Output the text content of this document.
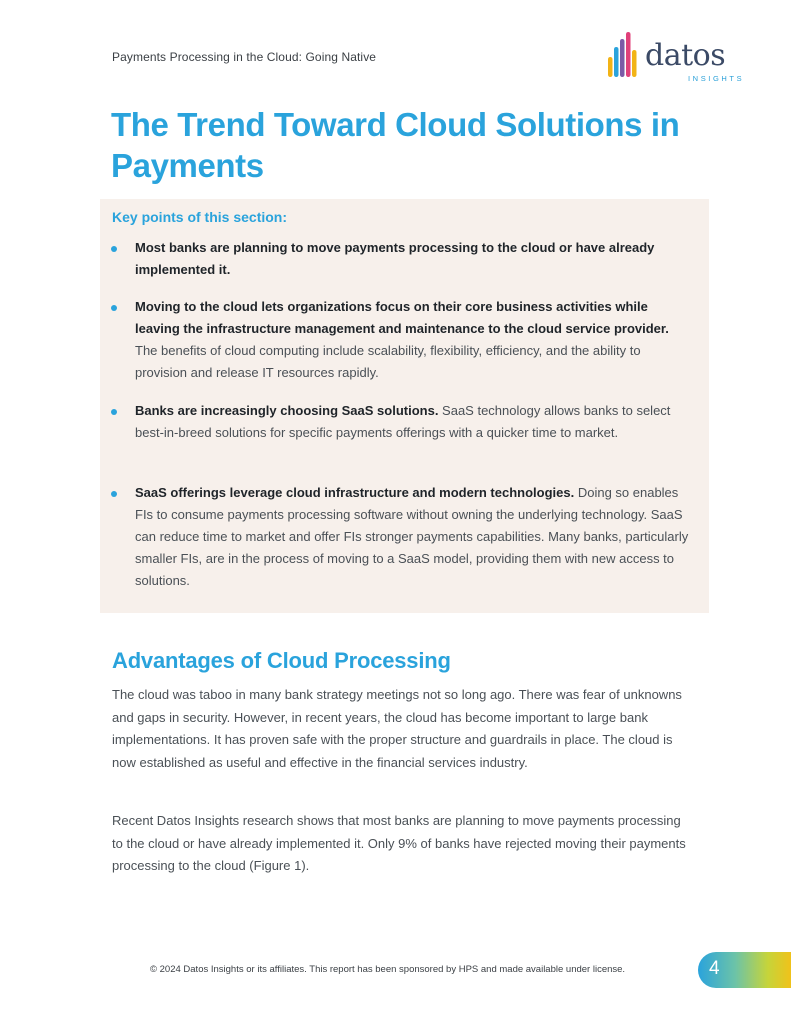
Payments Processing in the Cloud: Going Native	datos
INSIGHTS
The Trend Toward Cloud Solutions in Payments
Key points of this section:
Most banks are planning to move payments processing to the cloud or have already implemented it.
Moving to the cloud lets organizations focus on their core business activities while leaving the infrastructure management and maintenance to the cloud service provider. The benefits of cloud computing include scalability, flexibility, efficiency, and the ability to provision and release IT resources rapidly.
Banks are increasingly choosing SaaS solutions. SaaS technology allows banks to select best-in-breed solutions for specific payments offerings with a quicker time to market.
SaaS offerings leverage cloud infrastructure and modern technologies. Doing so enables FIs to consume payments processing software without owning the underlying technology. SaaS can reduce time to market and offer FIs stronger payments capabilities. Many banks, particularly smaller FIs, are in the process of moving to a SaaS model, providing them with new access to solutions.
Advantages of Cloud Processing

The cloud was taboo in many bank strategy meetings not so long ago. There was fear of unknowns and gaps in security. However, in recent years, the cloud has become important to large bank implementations. It has proven safe with the proper structure and guardrails in place. The cloud is now established as useful and effective in the financial services industry.

Recent Datos Insights research shows that most banks are planning to move payments processing to the cloud or have already implemented it. Only 9% of banks have rejected moving their payments processing to the cloud (Figure 1).

© 2024 Datos Insights or its affiliates. This report has been sponsored by HPS and made available under license.	4
